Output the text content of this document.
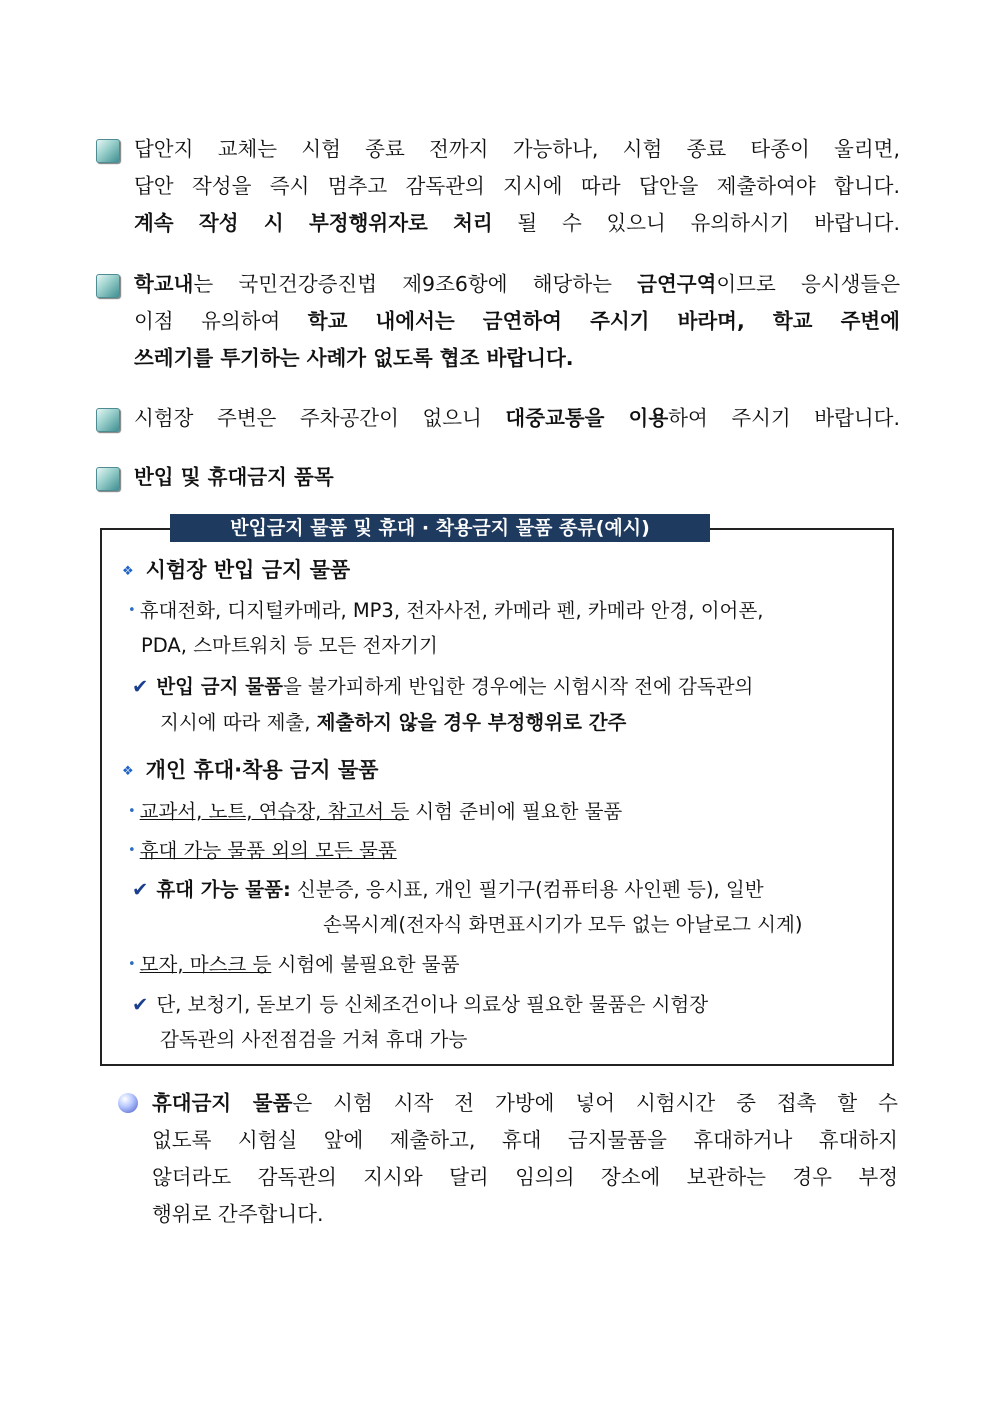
답안지 교체는 시험 종료 전까지 가능하나, 시험 종료 타종이 울리면,
답안 작성을 즉시 멈추고 감독관의 지시에 따라 답안을 제출하여야 합니다.
계속 작성 시 부정행위자로 처리 될 수 있으니 유의하시기 바랍니다.
학교내는 국민건강증진법 제9조6항에 해당하는 금연구역이므로 응시생들은
이점 유의하여 학교 내에서는 금연하여 주시기 바라며, 학교 주변에
쓰레기를 투기하는 사례가 없도록 협조 바랍니다.
시험장 주변은 주차공간이 없으니 대중교통을 이용하여 주시기 바랍니다.
반입 및 휴대금지 품목
반입금지 물품 및 휴대 · 착용금지 물품 종류(예시)
❖ 시험장 반입 금지 물품
• 휴대전화, 디지털카메라, MP3, 전자사전, 카메라 펜, 카메라 안경, 이어폰,
PDA, 스마트워치 등 모든 전자기기
✔ 반입 금지 물품을 불가피하게 반입한 경우에는 시험시작 전에 감독관의
지시에 따라 제출, 제출하지 않을 경우 부정행위로 간주
❖ 개인 휴대·착용 금지 물품
• 교과서, 노트, 연습장, 참고서 등 시험 준비에 필요한 물품
• 휴대 가능 물품 외의 모든 물품
✔ 휴대 가능 물품: 신분증, 응시표, 개인 필기구(컴퓨터용 사인펜 등), 일반
손목시계(전자식 화면표시기가 모두 없는 아날로그 시계)
• 모자, 마스크 등 시험에 불필요한 물품
✔ 단, 보청기, 돋보기 등 신체조건이나 의료상 필요한 물품은 시험장
감독관의 사전점검을 거쳐 휴대 가능
휴대금지 물품은 시험 시작 전 가방에 넣어 시험시간 중 접촉 할 수
없도록 시험실 앞에 제출하고, 휴대 금지물품을 휴대하거나 휴대하지
않더라도 감독관의 지시와 달리 임의의 장소에 보관하는 경우 부정
행위로 간주합니다.
